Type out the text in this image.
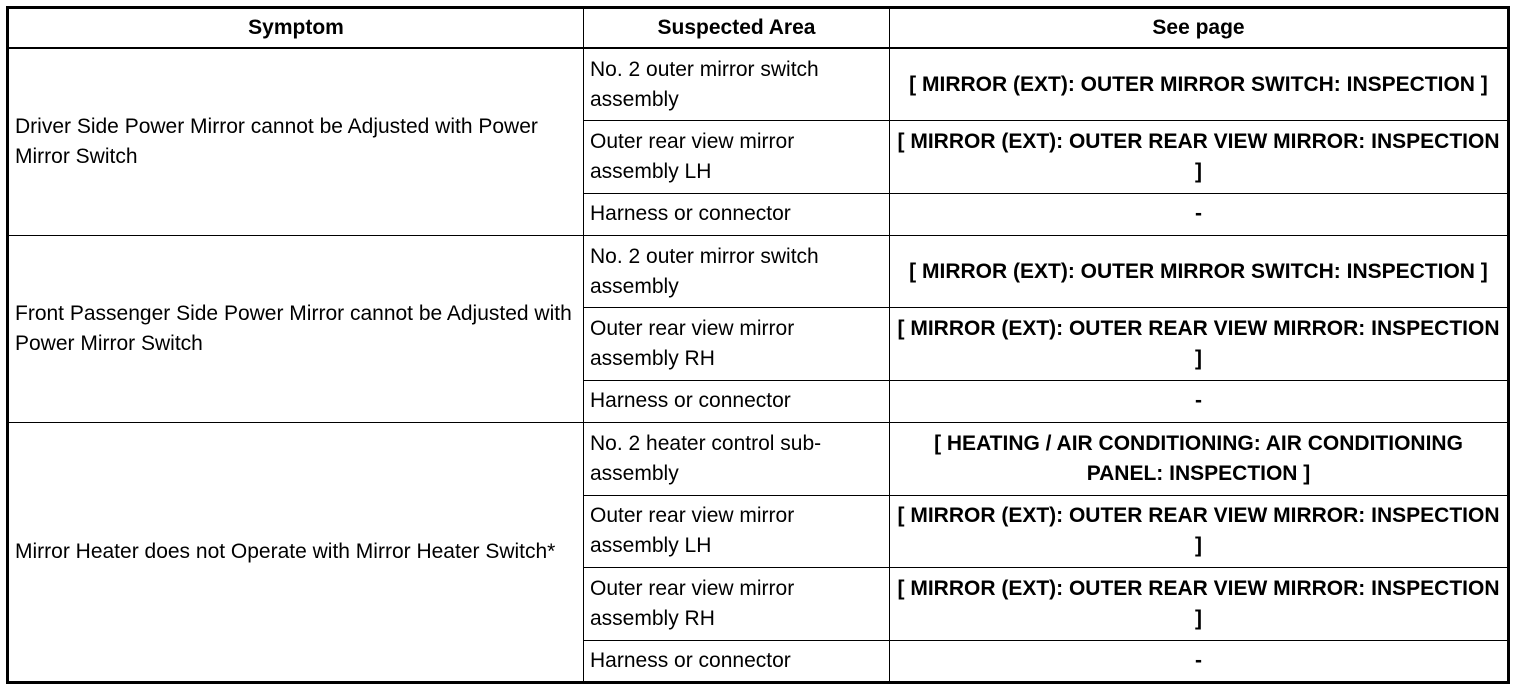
Symptom	Suspected Area	See page
Driver Side Power Mirror cannot be Adjusted with Power Mirror Switch	No. 2 outer mirror switch assembly	[ MIRROR (EXT): OUTER MIRROR SWITCH: INSPECTION ]
	Outer rear view mirror assembly LH	[ MIRROR (EXT): OUTER REAR VIEW MIRROR: INSPECTION ]
	Harness or connector	-
Front Passenger Side Power Mirror cannot be Adjusted with Power Mirror Switch	No. 2 outer mirror switch assembly	[ MIRROR (EXT): OUTER MIRROR SWITCH: INSPECTION ]
	Outer rear view mirror assembly RH	[ MIRROR (EXT): OUTER REAR VIEW MIRROR: INSPECTION ]
	Harness or connector	-
Mirror Heater does not Operate with Mirror Heater Switch*	No. 2 heater control sub-assembly	[ HEATING / AIR CONDITIONING: AIR CONDITIONING PANEL: INSPECTION ]
	Outer rear view mirror assembly LH	[ MIRROR (EXT): OUTER REAR VIEW MIRROR: INSPECTION ]
	Outer rear view mirror assembly RH	[ MIRROR (EXT): OUTER REAR VIEW MIRROR: INSPECTION ]
	Harness or connector	-
